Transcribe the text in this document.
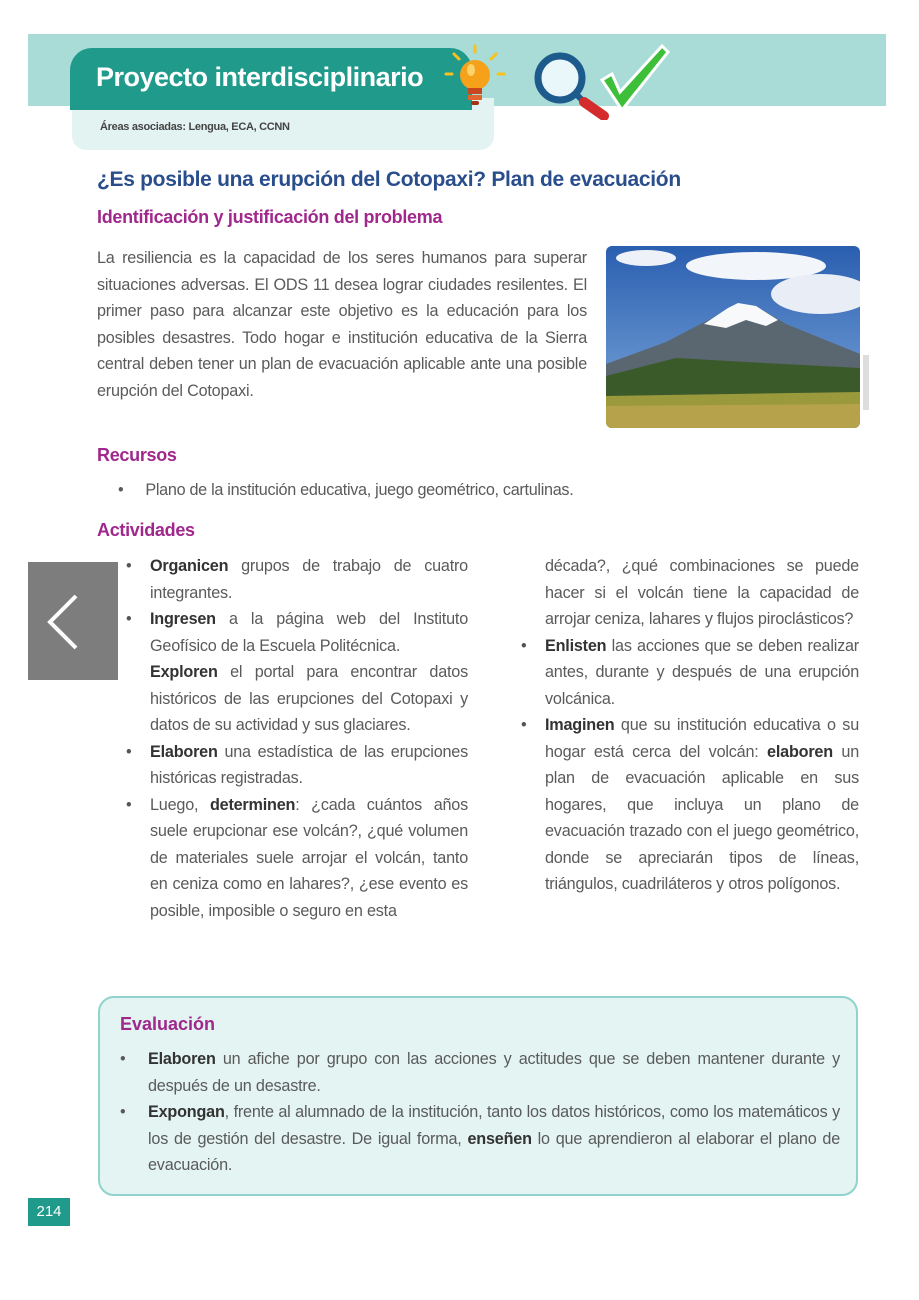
Proyecto interdisciplinario
Áreas asociadas: Lengua, ECA, CCNN
¿Es posible una erupción del Cotopaxi? Plan de evacuación
Identificación y justificación del problema
La resiliencia es la capacidad de los seres humanos para superar situaciones adversas. El ODS 11 desea lograr ciudades resilentes. El primer paso para alcanzar este objetivo es la educación para los posibles desastres. Todo hogar e institución educativa de la Sierra central deben tener un plan de evacuación aplicable ante una posible erupción del Cotopaxi.
Recursos
• Plano de la institución educativa, juego geométrico, cartulinas.
Actividades
• Organicen grupos de trabajo de cuatro integrantes.
• Ingresen a la página web del Instituto Geofísico de la Escuela Politécnica.
Exploren el portal para encontrar datos históricos de las erupciones del Cotopaxi y datos de su actividad y sus glaciares.
• Elaboren una estadística de las erupciones históricas registradas.
• Luego, determinen: ¿cada cuántos años suele erupcionar ese volcán?, ¿qué volumen de materiales suele arrojar el volcán, tanto en ceniza como en lahares?, ¿ese evento es posible, imposible o seguro en esta
década?, ¿qué combinaciones se puede hacer si el volcán tiene la capacidad de arrojar ceniza, lahares y flujos piroclásticos?
• Enlisten las acciones que se deben realizar antes, durante y después de una erupción volcánica.
• Imaginen que su institución educativa o su hogar está cerca del volcán: elaboren un plan de evacuación aplicable en sus hogares, que incluya un plano de evacuación trazado con el juego geométrico, donde se apreciarán tipos de líneas, triángulos, cuadriláteros y otros polígonos.
Evaluación
• Elaboren un afiche por grupo con las acciones y actitudes que se deben mantener durante y después de un desastre.
• Expongan, frente al alumnado de la institución, tanto los datos históricos, como los matemáticos y los de gestión del desastre. De igual forma, enseñen lo que aprendieron al elaborar el plano de evacuación.
214
